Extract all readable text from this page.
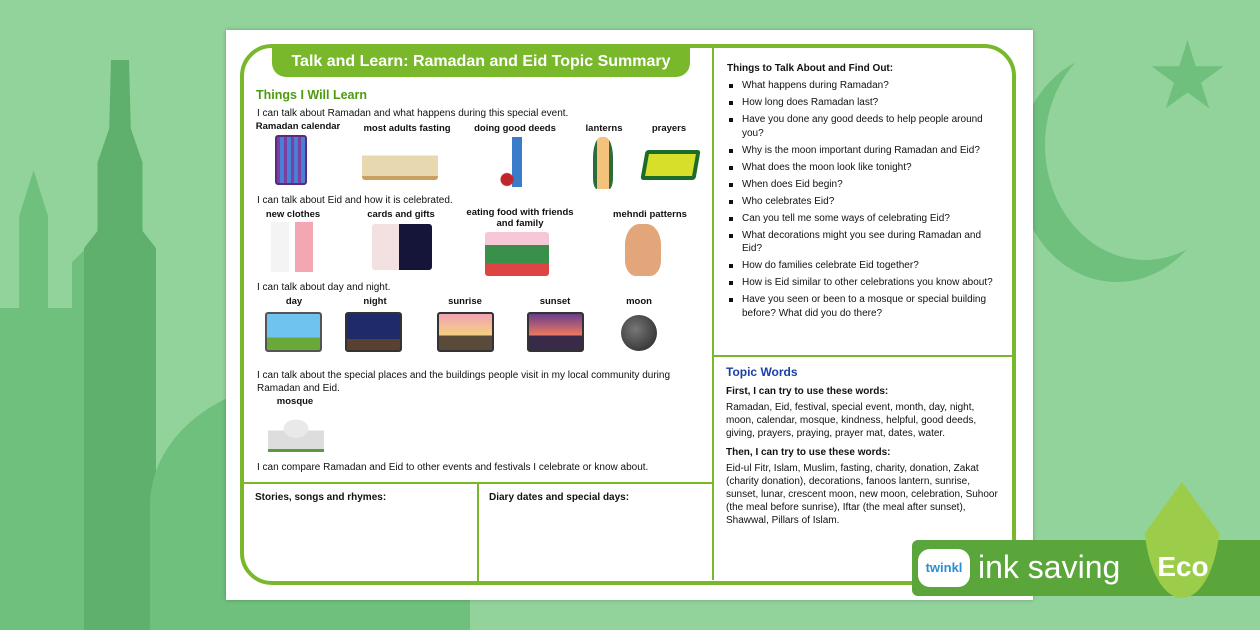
Talk and Learn: Ramadan and Eid Topic Summary
Things I Will Learn
I can talk about Ramadan and what happens during this special event.
Ramadan calendar	most adults fasting	doing good deeds	lanterns	prayers
I can talk about Eid and how it is celebrated.
new clothes	cards and gifts	eating food with friends and family
mehndi patterns
I can talk about day and night.
day	night	sunrise	sunset	moon
I can talk about the special places and the buildings people visit in my local community during Ramadan and Eid.
mosque
I can compare Ramadan and Eid to other events and festivals I celebrate or know about.
Stories, songs and rhymes:	Diary dates and special days:
Things to Talk About and Find Out:
What happens during Ramadan?
How long does Ramadan last?
Have you done any good deeds to help people around you?
Why is the moon important during Ramadan and Eid?
What does the moon look like tonight?
When does Eid begin?
Who celebrates Eid?
Can you tell me some ways of celebrating Eid?
What decorations might you see during Ramadan and Eid?
How do families celebrate Eid together?
How is Eid similar to other celebrations you know about?
Have you seen or been to a mosque or special building before? What did you do there?
Topic Words
First, I can try to use these words:
Ramadan, Eid, festival, special event, month, day, night, moon, calendar, mosque, kindness, helpful, good deeds, giving, prayers, praying, prayer mat, dates, water.
Then, I can try to use these words:
Eid-ul Fitr, Islam, Muslim, fasting, charity, donation, Zakat (charity donation), decorations, fanoos lantern, sunrise, sunset, lunar, crescent moon, new moon, celebration, Suhoor (the meal before sunrise), Iftar (the meal after sunset), Shawwal, Pillars of Islam.
twinkl ink saving Eco
